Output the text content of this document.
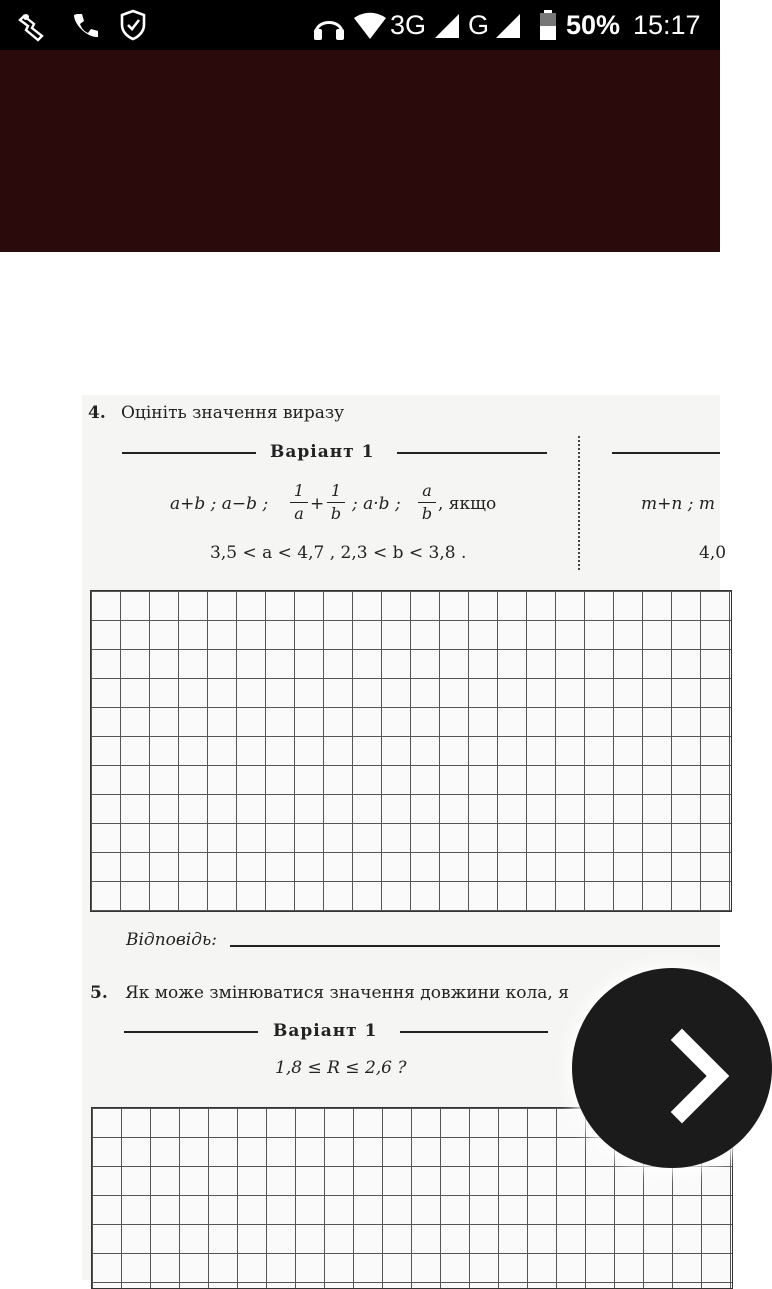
3G G	50% 15:17
4. Оцініть значення виразу
Варіант 1
a+b ; a−b ;
1
a +
1
b ; a·b ;
a
b , якщо
3,5 < a < 4,7 , 2,3 < b < 3,8 .
m+n ; m
4,0
Відповідь:
5. Як може змінюватися значення довжини кола, я
Варіант 1
1,8 ≤ R ≤ 2,6 ?
